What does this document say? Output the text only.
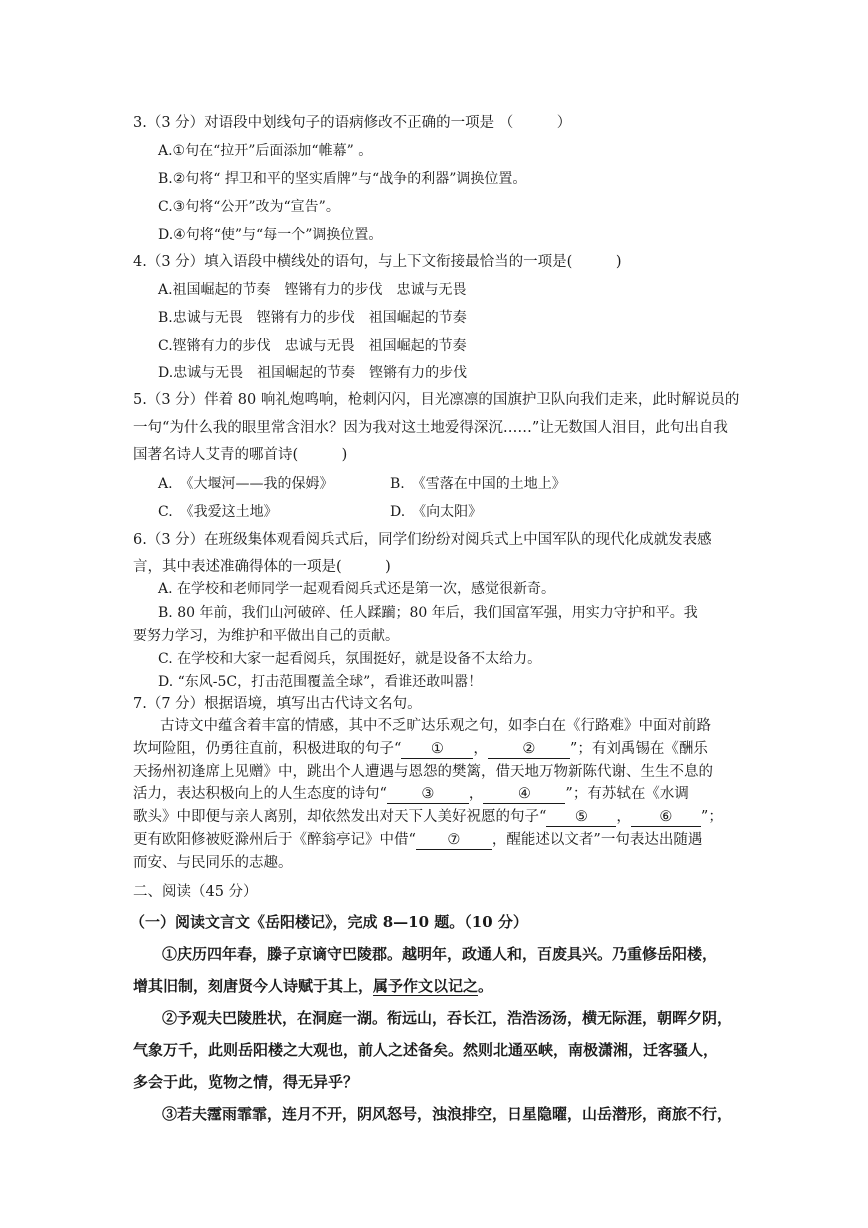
3.（3 分）对语段中划线句子的语病修改不正确的一项是 （　　　）
A.①句在“拉开”后面添加“帷幕” 。
B.②句将“ 捍卫和平的坚实盾牌”与“战争的利器”调换位置。
C.③句将“公开”改为“宣告”。
D.④句将“使”与“每一个”调换位置。
4.（3 分）填入语段中横线处的语句，与上下文衔接最恰当的一项是(　　　)
A.祖国崛起的节奏　铿锵有力的步伐　忠诚与无畏
B.忠诚与无畏　铿锵有力的步伐　祖国崛起的节奏
C.铿锵有力的步伐　忠诚与无畏　祖国崛起的节奏
D.忠诚与无畏　祖国崛起的节奏　铿锵有力的步伐
5.（3 分）伴着 80 响礼炮鸣响，枪刺闪闪，目光凛凛的国旗护卫队向我们走来，此时解说员的
一句“为什么我的眼里常含泪水？因为我对这土地爱得深沉……”让无数国人泪目，此句出自我
国著名诗人艾青的哪首诗(　　　)
A.　《大堰河——我的保姆》	B.　《雪落在中国的土地上》
C.　《我爱这土地》	D.　《向太阳》
6.（3 分）在班级集体观看阅兵式后，同学们纷纷对阅兵式上中国军队的现代化成就发表感
言，其中表述准确得体的一项是(　　　)
A. 在学校和老师同学一起观看阅兵式还是第一次，感觉很新奇。
B. 80 年前，我们山河破碎、任人蹂躏；80 年后，我们国富军强，用实力守护和平。我
要努力学习，为维护和平做出自己的贡献。
C. 在学校和大家一起看阅兵，氛围挺好，就是设备不太给力。
D. “东风-5C，打击范围覆盖全球”，看谁还敢叫嚣！
7.（7 分）根据语境，填写出古代诗文名句。
古诗文中蕴含着丰富的情感，其中不乏旷达乐观之句，如李白在《行路难》中面对前路
坎坷险阻，仍勇往直前，积极进取的句子“ ① ， ② ”；有刘禹锡在《酬乐
天扬州初逢席上见赠》中，跳出个人遭遇与恩怨的樊篱，借天地万物新陈代谢、生生不息的
活力，表达积极向上的人生态度的诗句“ ③ ， ④ ”；有苏轼在《水调
歌头》中即便与亲人离别，却依然发出对天下人美好祝愿的句子“ ⑤ ， ⑥ ”；
更有欧阳修被贬滁州后于《醉翁亭记》中借“ ⑦ ，醒能述以文者”一句表达出随遇
而安、与民同乐的志趣。
二、阅读（45 分）
（一）阅读文言文《岳阳楼记》，完成 8—10 题。（10 分）
①庆历四年春，滕子京谪守巴陵郡。越明年，政通人和，百废具兴。乃重修岳阳楼，
增其旧制，刻唐贤今人诗赋于其上，属予作文以记之。
②予观夫巴陵胜状，在洞庭一湖。衔远山，吞长江，浩浩汤汤，横无际涯，朝晖夕阴，
气象万千，此则岳阳楼之大观也，前人之述备矣。然则北通巫峡，南极潇湘，迁客骚人，
多会于此，览物之情，得无异乎？
③若夫霪雨霏霏，连月不开，阴风怒号，浊浪排空，日星隐曜，山岳潜形，商旅不行，
